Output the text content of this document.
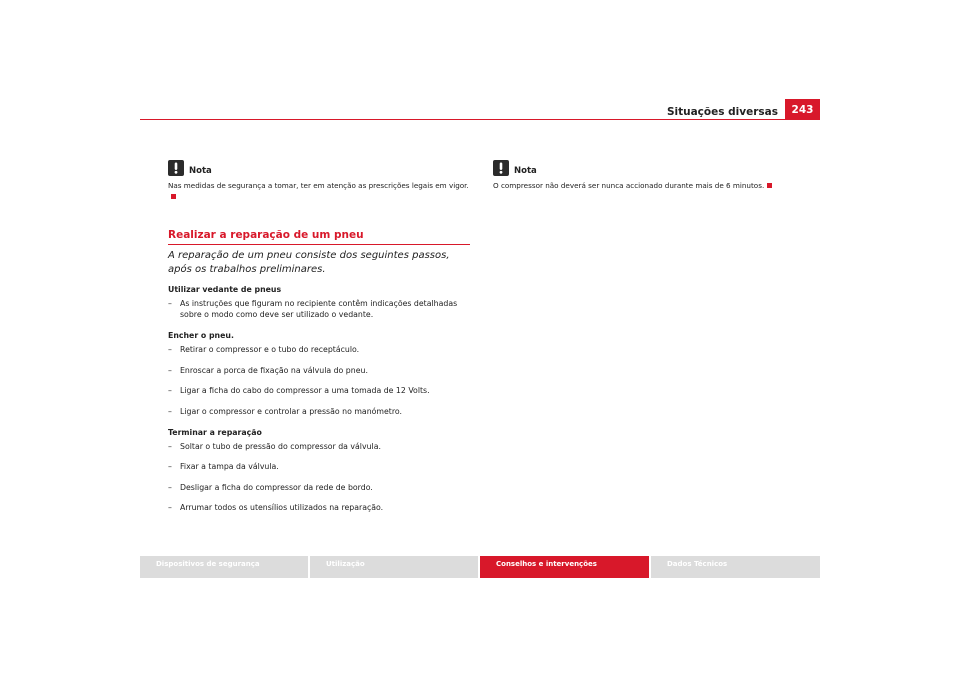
Situações diversas	243
Nota
Nas medidas de segurança a tomar, ter em atenção as prescrições legais em vigor.
Nota
O compressor não deverá ser nunca accionado durante mais de 6 minutos.
Realizar a reparação de um pneu
A reparação de um pneu consiste dos seguintes passos, após os trabalhos preliminares.
Utilizar vedante de pneus
–	As instruções que figuram no recipiente contêm indicações detalhadas sobre o modo como deve ser utilizado o vedante.
Encher o pneu.
–	Retirar o compressor e o tubo do receptáculo.
–	Enroscar a porca de fixação na válvula do pneu.
–	Ligar a ficha do cabo do compressor a uma tomada de 12 Volts.
–	Ligar o compressor e controlar a pressão no manómetro.
Terminar a reparação
–	Soltar o tubo de pressão do compressor da válvula.
–	Fixar a tampa da válvula.
–	Desligar a ficha do compressor da rede de bordo.
–	Arrumar todos os utensílios utilizados na reparação.
Dispositivos de segurança	Utilização	Conselhos e intervenções	Dados Técnicos
